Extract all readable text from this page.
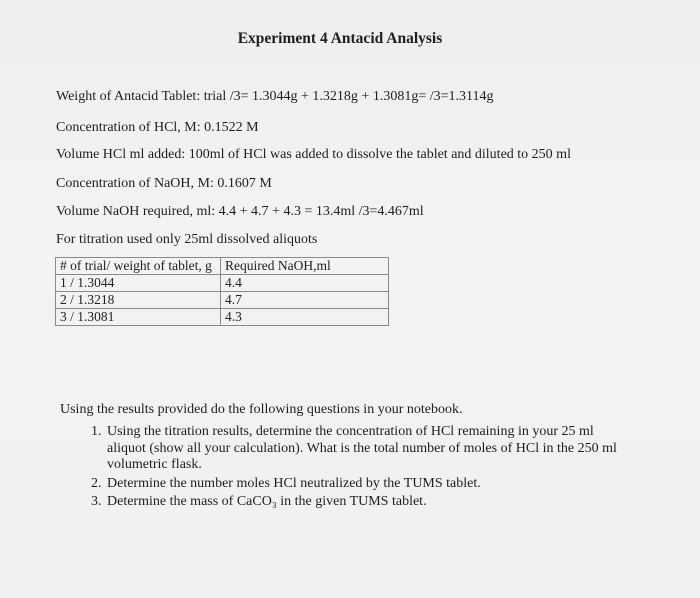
Experiment 4 Antacid Analysis
Weight of Antacid Tablet: trial /3= 1.3044g + 1.3218g + 1.3081g= /3=1.3114g
Concentration of HCl, M: 0.1522 M
Volume HCl ml added: 100ml of HCl was added to dissolve the tablet and diluted to 250 ml
Concentration of NaOH, M: 0.1607 M
Volume NaOH required, ml: 4.4 + 4.7 + 4.3 = 13.4ml /3=4.467ml
For titration used only 25ml dissolved aliquots
# of trial/ weight of tablet, g	Required NaOH,ml
1 / 1.3044	4.4
2 / 1.3218	4.7
3 / 1.3081	4.3
Using the results provided do the following questions in your notebook.
1. Using the titration results, determine the concentration of HCl remaining in your 25 ml aliquot (show all your calculation). What is the total number of moles of HCl in the 250 ml volumetric flask.
2. Determine the number moles HCl neutralized by the TUMS tablet.
3. Determine the mass of CaCO₃ in the given TUMS tablet.
